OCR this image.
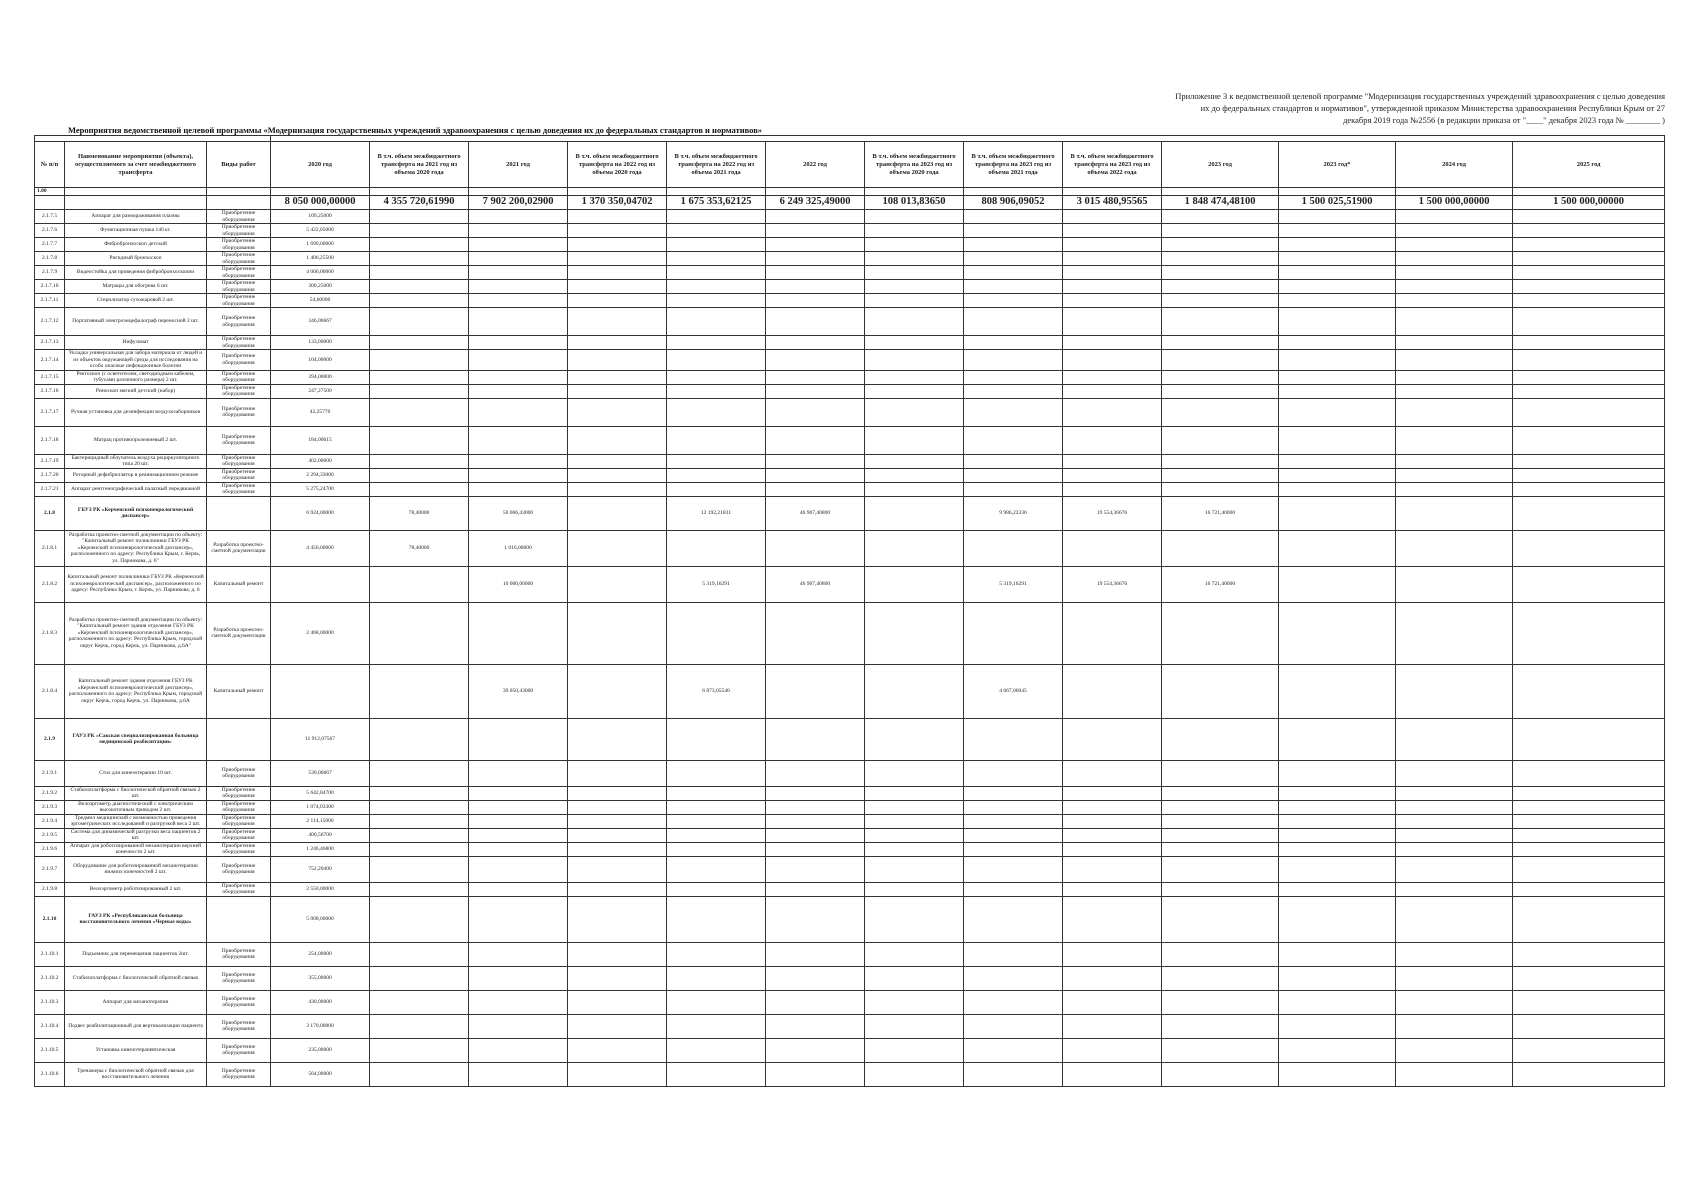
Приложение 3 к ведомственной целевой программе "Модернизация государственных учреждений здравоохранения с целью доведения
их до федеральных стандартов и нормативов", утвержденной приказом Министерства здравоохранения Республики Крым от 27
декабря 2019 года №2556 (в редакции приказа от "____" декабря 2023 года № ________ )
Мероприятия ведомственной целевой программы «Модернизация государственных учреждений здравоохранения с целью доведения их до федеральных стандартов и нормативов»

№ п/п	Наименование мероприятия (объекта), осуществляемого за счет межбюджетного трансферта	Виды работ	2020 год	В т.ч. объем межбюджетного трансферта на 2021 год из объема 2020 года	2021 год	В т.ч. объем межбюджетного трансферта на 2022 год из объема 2020 года	В т.ч. объем межбюджетного трансферта на 2022 год из объема 2021 года	2022 год	В т.ч. объем межбюджетного трансферта на 2023 год из объема 2020 года	В т.ч. объем межбюджетного трансферта на 2023 год из объема 2021 года	В т.ч. объем межбюджетного трансферта на 2023 год из объема 2022 года	2023 год	2023 год*	2024 год	2025 год
1.00															
			8 050 000,00000	4 355 720,61990	7 902 200,02900	1 370 350,04702	1 675 353,62125	6 249 325,49000	108 013,83650	808 906,09052	3 015 480,95565	1 848 474,48100	1 500 025,51900	1 500 000,00000	1 500 000,00000
2.1.7.5	Аппарат для размораживания плазмы	Приобретение оборудования	109,25000												
2.1.7.6	Фумигационная пушка 140 кг.	Приобретение оборудования	5 422,05000												
2.1.7.7	Фибробронхоскоп детский	Приобретение оборудования	1 690,00000												
2.1.7.8	Ригидный бронхоскоп	Приобретение оборудования	1 406,25500												
2.1.7.9	Видеостойка для проведения фибробронхоскопии	Приобретение оборудования	4 000,00000												
2.1.7.10	Матрацы для обогрева 6 шт.	Приобретение оборудования	300,25000												
2.1.7.11	Стерилизатор сухожаровой 2 шт.	Приобретение оборудования	54,60000												
2.1.7.12	Портативный электроэнцефалограф переносной 2 шт.	Приобретение оборудования	346,06667												
2.1.7.13	Инфузомат	Приобретение оборудования	133,00000												
2.1.7.14	Укладка универсальная для забора материала от людей и из объектов окружающей среды для исследования на особо опасные инфекционные болезни	Приобретение оборудования	104,00000												
2.1.7.15	Ректоскоп (с осветителем, светодиодным кабелем, тубусами различного размера) 2 шт.	Приобретение оборудования	394,00000												
2.1.7.16	Риноскоп мягкий детский (набор)	Приобретение оборудования	247,27500												
2.1.7.17	Ручная установка для дезинфекции воздухозаборников	Приобретение оборудования	42,25770												
2.1.7.18	Матрац противопролежневый 2 шт.	Приобретение оборудования	184,00615												
2.1.7.19	Бактерицидный облучатель воздуха рециркуляторного типа 20 шт.	Приобретение оборудования	402,00000												
2.1.7.20	Роторный дефибриллятор в реанимационном режиме	Приобретение оборудования	2 294,33000												
2.1.7.21	Аппарат рентгенографический палатный передвижной	Приобретение оборудования	5 275,24700												
2.1.8	ГБУЗ РК «Керченский психоневрологический диспансер»		6 924,00000	78,40000	50 066,43000		12 192,21831	46 907,40800		9 986,22336	19 554,36676	16 721,40000			
2.1.8.1	Разработка проектно-сметной документации по объекту: "Капитальный ремонт поликлиники ГБУЗ РК «Керченский психоневрологический диспансер», расположенного по адресу: Республика Крым, г. Керчь, ул. Парникова, д. 6"	Разработка проектно-сметной документации	4 456,00000	78,40000	1 016,00000										
2.1.8.2	Капитальный ремонт поликлиники ГБУЗ РК «Керченский психоневрологический диспансер», расположенного по адресу: Республика Крым, г. Керчь, ул. Парникова, д. 6	Капитальный ремонт			10 000,00000		5 319,16291	46 907,40800		5 319,16291	19 554,36676	16 721,40000			
2.1.8.3	Разработка проектно-сметной документации по объекту: "Капитальный ремонт здания отделения ГБУЗ РК «Керченский психоневрологический диспансер», расположенного по адресу: Республика Крым, городской округ Керчь, город Керчь, ул. Парникова, д.6А"	Разработка проектно-сметной документации	2 468,00000												
2.1.8.4	Капитальный ремонт здания отделения ГБУЗ РК «Керченский психоневрологический диспансер», расположенного по адресу: Республика Крым, городской округ Керчь, город Керчь, ул. Парникова, д.6А	Капитальный ремонт			39 050,43000		6 873,05540			4 667,06045					
2.1.9	ГАУЗ РК «Сакская специализированная больница медицинской реабилитации»		11 912,07567												
2.1.9.1	Стол для кинезотерапии 10 шт.	Приобретение оборудования	530,06667												
2.1.9.2	Стабилоплатформа с биологической обратной связью 2 шт.	Приобретение оборудования	5 642,84700												
2.1.9.3	Велоэргометр диагностический с электрическим высокоточным приводом 2 шт.	Приобретение оборудования	1 074,03300												
2.1.9.4	Тредмил медицинский с возможностью проведения эргометрических исследований и разгрузкой веса 2 шт.	Приобретение оборудования	2 114,15000												
2.1.9.5	Система для динамической разгрузки веса пациентов 2 шт.	Приобретение оборудования	400,56700												
2.1.9.6	Аппарат для роботизированной механотерапии верхней конечности 2 шт.	Приобретение оборудования	1 246,46800												
2.1.9.7	Оборудование для роботизированной механотерапии нижних конечностей 2 шт.	Приобретение оборудования	752,20400												
2.1.9.8	Велоэргометр роботизированный 2 шт.	Приобретение оборудования	2 550,00000												
2.1.10	ГАУЗ РК «Республиканская больница восстановительного лечения «Черные воды»		5 008,00000												
2.1.10.1	Подъемник для перемещения пациентов 2шт.	Приобретение оборудования	254,00000												
2.1.10.2	Стабилоплатформа с биологической обратной связью	Приобретение оборудования	355,00000												
2.1.10.3	Аппарат для механотерапии	Приобретение оборудования	430,00000												
2.1.10.4	Подвес реабилитационный для вертикализации пациента	Приобретение оборудования	3 170,00000												
2.1.10.5	Установка кинезотерапевтическая	Приобретение оборудования	235,00000												
2.1.10.6	Тренажеры с биологической обратной связью для восстановительного лечения	Приобретение оборудования	564,00000												
